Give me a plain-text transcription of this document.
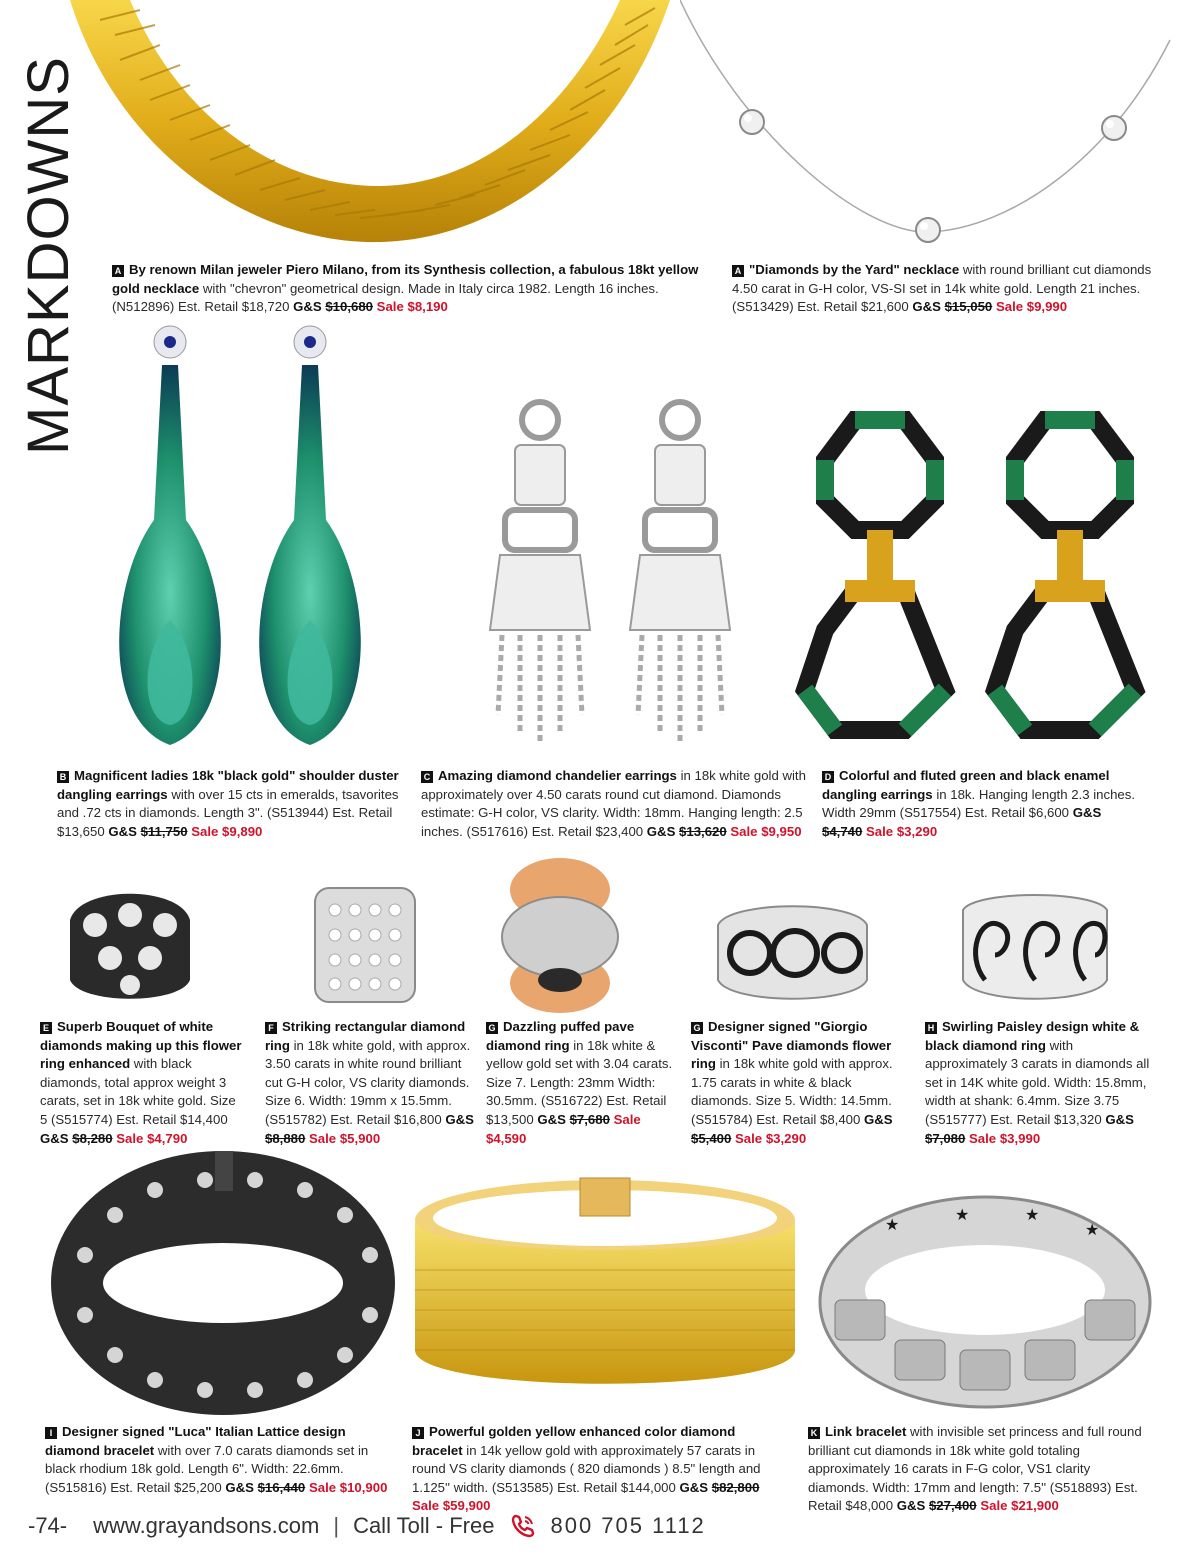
MARKDOWNS
★
★	★
★
A By renown Milan jeweler Piero Milano, from its Synthesis collection, a fabulous 18kt yellow gold necklace with "chevron" geometrical design. Made in Italy circa 1982. Length 16 inches. (N512896) Est. Retail $18,720 G&S $10,680 Sale $8,190
A "Diamonds by the Yard" necklace with round brilliant cut diamonds 4.50 carat in G-H color, VS-SI set in 14k white gold. Length 21 inches. (S513429) Est. Retail $21,600 G&S $15,050 Sale $9,990
B Magnificent ladies 18k "black gold" shoulder duster dangling earrings with over 15 cts in emeralds, tsavorites and .72 cts in diamonds. Length 3". (S513944) Est. Retail $13,650 G&S $11,750 Sale $9,890
C Amazing diamond chandelier earrings in 18k white gold with approximately over 4.50 carats round cut diamond. Diamonds estimate: G-H color, VS clarity. Width: 18mm. Hanging length: 2.5 inches. (S517616) Est. Retail $23,400 G&S $13,620 Sale $9,950
D Colorful and fluted green and black enamel dangling earrings in 18k. Hanging length 2.3 inches. Width 29mm (S517554) Est. Retail $6,600 G&S $4,740 Sale $3,290
E Superb Bouquet of white diamonds making up this flower ring enhanced with black diamonds, total approx weight 3 carats, set in 18k white gold. Size 5 (S515774) Est. Retail $14,400 G&S $8,280 Sale $4,790
F Striking rectangular diamond ring in 18k white gold, with approx. 3.50 carats in white round brilliant cut G-H color, VS clarity diamonds. Size 6. Width: 19mm x 15.5mm. (S515782) Est. Retail $16,800 G&S $8,880 Sale $5,900
G Dazzling puffed pave diamond ring in 18k white & yellow gold set with 3.04 carats. Size 7. Length: 23mm Width: 30.5mm. (S516722) Est. Retail $13,500 G&S $7,680 Sale $4,590
G Designer signed "Giorgio Visconti" Pave diamonds flower ring in 18k white gold with approx. 1.75 carats in white & black diamonds. Size 5. Width: 14.5mm. (S515784) Est. Retail $8,400 G&S $5,400 Sale $3,290
H Swirling Paisley design white & black diamond ring with approximately 3 carats in diamonds all set in 14K white gold. Width: 15.8mm, width at shank: 6.4mm. Size 3.75 (S515777) Est. Retail $13,320 G&S $7,080 Sale $3,990
I Designer signed "Luca" Italian Lattice design diamond bracelet with over 7.0 carats diamonds set in black rhodium 18k gold. Length 6". Width: 22.6mm. (S515816) Est. Retail $25,200 G&S $16,440 Sale $10,900
J Powerful golden yellow enhanced color diamond bracelet in 14k yellow gold with approximately 57 carats in round VS clarity diamonds ( 820 diamonds ) 8.5" length and 1.125'' width. (S513585) Est. Retail $144,000 G&S $82,800 Sale $59,900
K Link bracelet with invisible set princess and full round brilliant cut diamonds in 18k white gold totaling approximately 16 carats in F-G color, VS1 clarity diamonds. Width: 17mm and length: 7.5'' (S518893) Est. Retail $48,000 G&S $27,400 Sale $21,900
-74- www.grayandsons.com | Call Toll - Free	800 705 1112
